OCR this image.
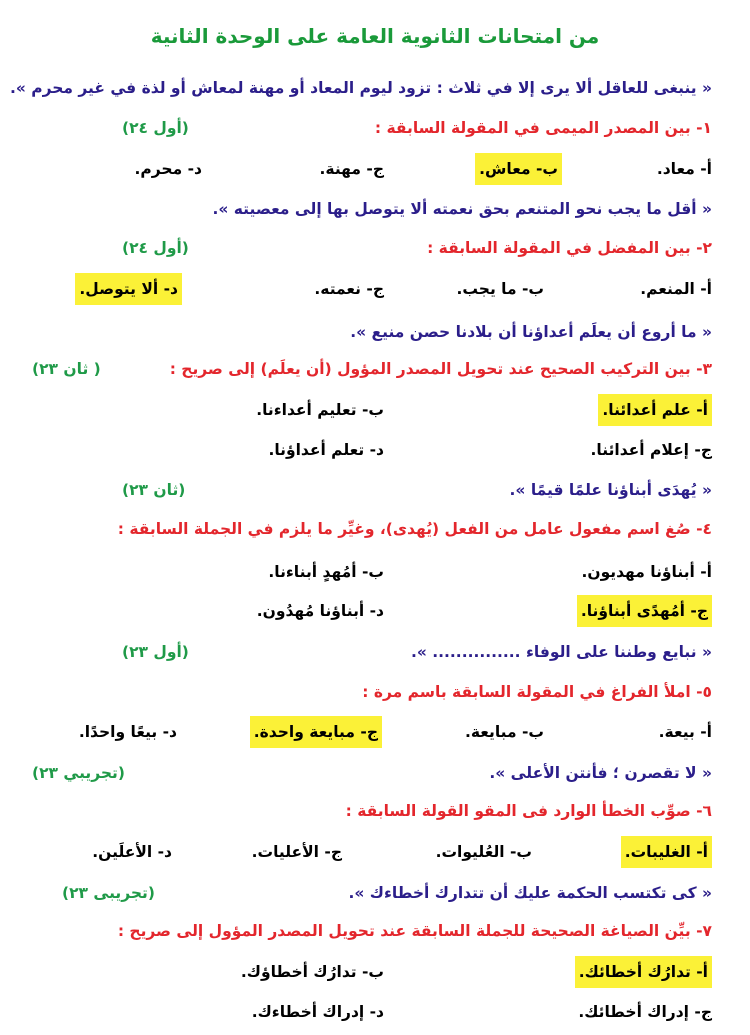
من امتحانات الثانوية العامة على الوحدة الثانية
« ينبغى للعاقل ألا يرى إلا في ثلاث : تزود ليوم المعاد أو مهنة لمعاش أو لذة في غير محرم ».
١- بين المصدر الميمى في المقولة السابقة :
(أول ٢٤)
أ- معاد.
ب- معاش.
ج- مهنة.
د- محرم.
« أقل ما يجب نحو المتنعم بحق نعمته ألا يتوصل بها إلى معصيته ».
٢- بين المفضل في المقولة السابقة :
(أول ٢٤)
أ- المنعم.
ب- ما يجب.
ج- نعمته.
د- ألا يتوصل.
« ما أروع أن يعلَم أعداؤنا أن بلادنا حصن منيع ».
٣- بين التركيب الصحيح عند تحويل المصدر المؤول (أن يعلَم) إلى صريح :
( ثان ٢٣)
أ- علم أعدائنا.
ب- تعليم أعداءنا.
ج- إعلام أعدائنا.
د- تعلم أعداؤنا.
« يُهدَى أبناؤنا علمًا قيمًا ».
(ثان ٢٣)
٤- صُغ اسم مفعول عامل من الفعل (يُهدى)، وغيِّر ما يلزم في الجملة السابقة :
أ- أبناؤنا مهديون.
ب- أمُهدٍ أبناءنا.
ج- أمُهدًى أبناؤنا.
د- أبناؤنا مُهدُون.
« نبايع وطننا على الوفاء ............... ».
(أول ٢٣)
٥- املأ الفراغ في المقولة السابقة باسم مرة :
أ- بيعة.
ب- مبايعة.
ج- مبايعة واحدة.
د- بيعًا واحدًا.
« لا تقصرن ؛ فأنتن الأعلى ».
(تجريبي ٢٣)
٦- صوِّب الخطأ الوارد فى المقو القولة السابقة :
أ- الغليبات.
ب- العُليوات.
ج- الأعليات.
د- الأعلَين.
« كى تكتسب الحكمة عليك أن تتدارك أخطاءك ».
(تجريبى ٢٣)
٧- بيِّن الصياغة الصحيحة للجملة السابقة عند تحويل المصدر المؤول إلى صريح :
أ- تدارُك أخطائك.
ب- تدارُك أخطاؤك.
ج- إدراك أخطائك.
د- إدراك أخطاءك.
